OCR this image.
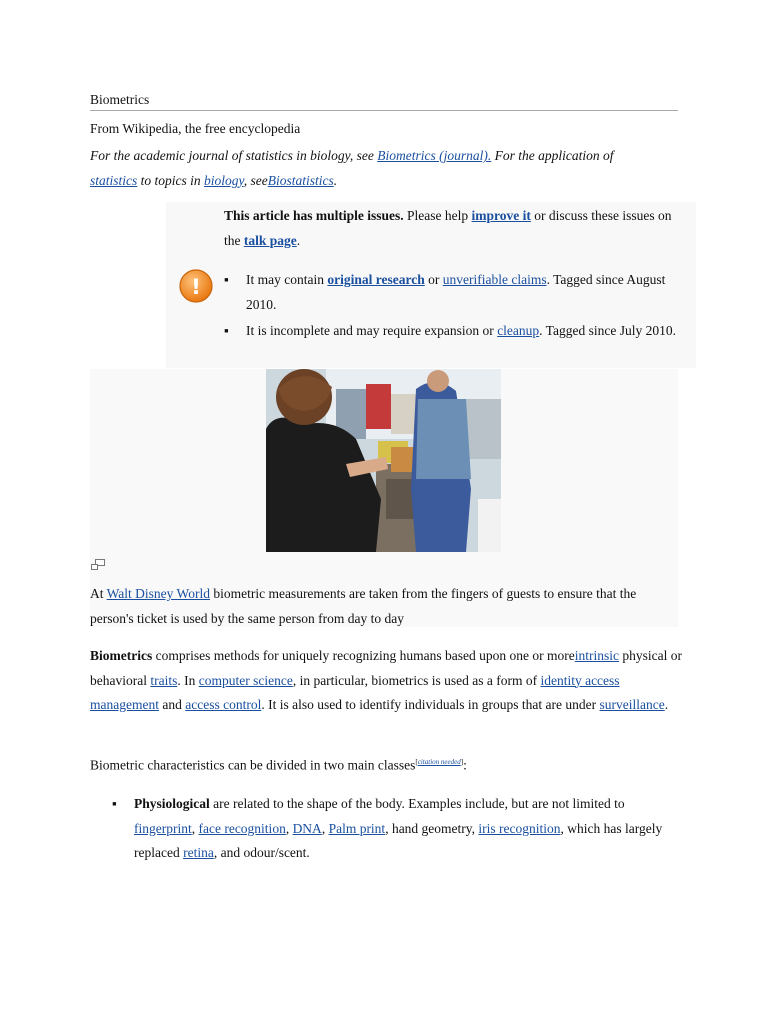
Biometrics
From Wikipedia, the free encyclopedia
For the academic journal of statistics in biology, see Biometrics (journal). For the application of statistics to topics in biology, seeBiostatistics.
This article has multiple issues. Please help improve it or discuss these issues on the talk page.
! ▪ It may contain original research or unverifiable claims. Tagged since August 2010.
▪ It is incomplete and may require expansion or cleanup. Tagged since July 2010.
At Walt Disney World biometric measurements are taken from the fingers of guests to ensure that the person's ticket is used by the same person from day to day
Biometrics comprises methods for uniquely recognizing humans based upon one or moreintrinsic physical or behavioral traits. In computer science, in particular, biometrics is used as a form of identity access management and access control. It is also used to identify individuals in groups that are under surveillance.
Biometric characteristics can be divided in two main classes[citation needed]:
▪ Physiological are related to the shape of the body. Examples include, but are not limited to fingerprint, face recognition, DNA, Palm print, hand geometry, iris recognition, which has largely replaced retina, and odour/scent.
